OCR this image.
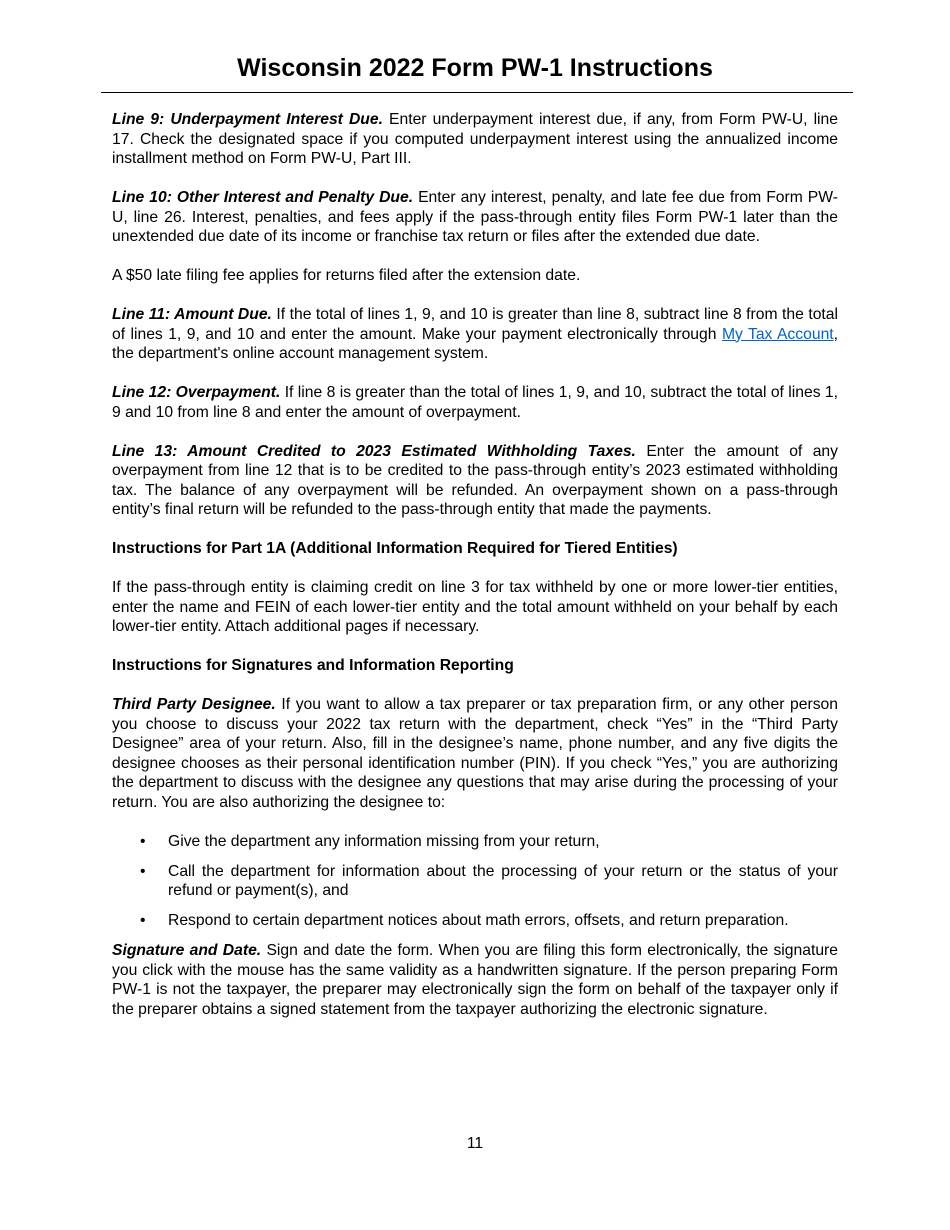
Wisconsin 2022 Form PW-1 Instructions

Line 9: Underpayment Interest Due. Enter underpayment interest due, if any, from Form PW-U, line 17. Check the designated space if you computed underpayment interest using the annualized income installment method on Form PW-U, Part III.

Line 10: Other Interest and Penalty Due. Enter any interest, penalty, and late fee due from Form PW-U, line 26. Interest, penalties, and fees apply if the pass-through entity files Form PW-1 later than the unextended due date of its income or franchise tax return or files after the extended due date.

A $50 late filing fee applies for returns filed after the extension date.

Line 11: Amount Due. If the total of lines 1, 9, and 10 is greater than line 8, subtract line 8 from the total of lines 1, 9, and 10 and enter the amount. Make your payment electronically through My Tax Account, the department's online account management system.

Line 12: Overpayment. If line 8 is greater than the total of lines 1, 9, and 10, subtract the total of lines 1, 9 and 10 from line 8 and enter the amount of overpayment.

Line 13: Amount Credited to 2023 Estimated Withholding Taxes. Enter the amount of any overpayment from line 12 that is to be credited to the pass-through entity’s 2023 estimated withholding tax. The balance of any overpayment will be refunded. An overpayment shown on a pass-through entity’s final return will be refunded to the pass-through entity that made the payments.

Instructions for Part 1A (Additional Information Required for Tiered Entities)

If the pass-through entity is claiming credit on line 3 for tax withheld by one or more lower-tier entities, enter the name and FEIN of each lower-tier entity and the total amount withheld on your behalf by each lower-tier entity. Attach additional pages if necessary.

Instructions for Signatures and Information Reporting

Third Party Designee. If you want to allow a tax preparer or tax preparation firm, or any other person you choose to discuss your 2022 tax return with the department, check “Yes” in the “Third Party Designee” area of your return. Also, fill in the designee’s name, phone number, and any five digits the designee chooses as their personal identification number (PIN). If you check “Yes,” you are authorizing the department to discuss with the designee any questions that may arise during the processing of your return. You are also authorizing the designee to:

• Give the department any information missing from your return,
• Call the department for information about the processing of your return or the status of your refund or payment(s), and
• Respond to certain department notices about math errors, offsets, and return preparation.

Signature and Date. Sign and date the form. When you are filing this form electronically, the signature you click with the mouse has the same validity as a handwritten signature. If the person preparing Form PW-1 is not the taxpayer, the preparer may electronically sign the form on behalf of the taxpayer only if the preparer obtains a signed statement from the taxpayer authorizing the electronic signature.

11
